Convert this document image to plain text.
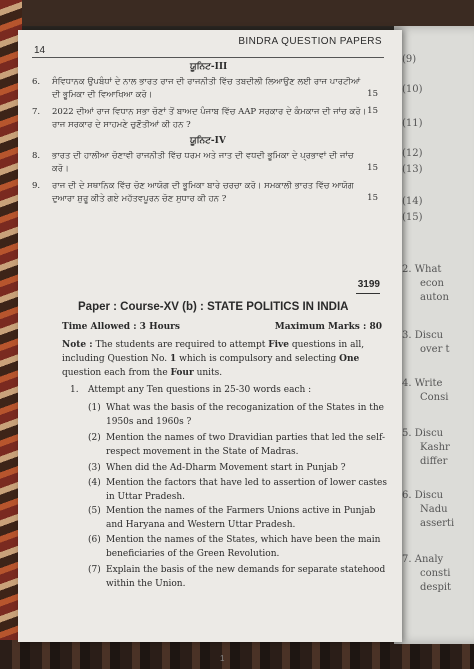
(9)
(10)
(11)
(12)
(13)
(14)
(15)
2. What
econ
auton
3. Discu
over t
4. Write
Consi
5. Discu
Kashr
differ
6. Discu
Nadu
asserti
7. Analy
consti
despit
14
BINDRA QUESTION PAPERS
ਯੂਨਿਟ-III
6. ਸੰਵਿਧਾਨਕ ਉਪਬੰਧਾਂ ਦੇ ਨਾਲ ਭਾਰਤ ਰਾਜ ਦੀ ਰਾਜਨੀਤੀ ਵਿੱਚ ਤਬਦੀਲੀ ਲਿਆਉਣ ਲਈ ਰਾਜ ਪਾਰਟੀਆਂ ਦੀ ਭੂਮਿਕਾ ਦੀ ਵਿਆਖਿਆ ਕਰੋ।	15
7. 2022 ਦੀਆਂ ਰਾਜ ਵਿਧਾਨ ਸਭਾ ਚੋਣਾਂ ਤੋਂ ਬਾਅਦ ਪੰਜਾਬ ਵਿੱਚ AAP ਸਰਕਾਰ ਦੇ ਕੰਮਕਾਜ ਦੀ ਜਾਂਚ ਕਰੋ। ਰਾਜ ਸਰਕਾਰ ਦੇ ਸਾਹਮਣੇ ਚੁਣੌਤੀਆਂ ਕੀ ਹਨ ?
15
ਯੂਨਿਟ-IV
8. ਭਾਰਤ ਦੀ ਹਾਲੀਆ ਚੋਣਾਵੀ ਰਾਜਨੀਤੀ ਵਿੱਚ ਧਰਮ ਅਤੇ ਜਾਤ ਦੀ ਵਧਦੀ ਭੂਮਿਕਾ ਦੇ ਪ੍ਰਭਾਵਾਂ ਦੀ ਜਾਂਚ ਕਰੋ।	15
9. ਰਾਜ ਦੀ ਦੇ ਸਥਾਨਿਕ ਵਿੱਚ ਚੋਣ ਆਯੋਗ ਦੀ ਭੂਮਿਕਾ ਬਾਰੇ ਚਰਚਾ ਕਰੋ। ਸਮਕਾਲੀ ਭਾਰਤ ਵਿੱਚ ਆਯੋਗ ਦੁਆਰਾ ਸ਼ੁਰੂ ਕੀਤੇ ਗਏ ਮਹੱਤਵਪੂਰਨ ਚੋਣ ਸੁਧਾਰ ਕੀ ਹਨ ?	15
3199
Paper : Course-XV (b) : STATE POLITICS IN INDIA
Time Allowed : 3 Hours	Maximum Marks : 80
Note : The students are required to attempt Five questions in all, including Question No. 1 which is compulsory and selecting One question each from the Four units.
1. Attempt any Ten questions in 25-30 words each :
(1) What was the basis of the recoganization of the States in the 1950s and 1960s ?
(2) Mention the names of two Dravidian parties that led the self-respect movement in the State of Madras.
(3) When did the Ad-Dharm Movement start in Punjab ?
(4) Mention the factors that have led to assertion of lower castes in Uttar Pradesh.
(5) Mention the names of the Farmers Unions active in Punjab and Haryana and Western Uttar Pradesh.
(6) Mention the names of the States, which have been the main beneficiaries of the Green Revolution.
(7) Explain the basis of the new demands for separate statehood within the Union.
1
